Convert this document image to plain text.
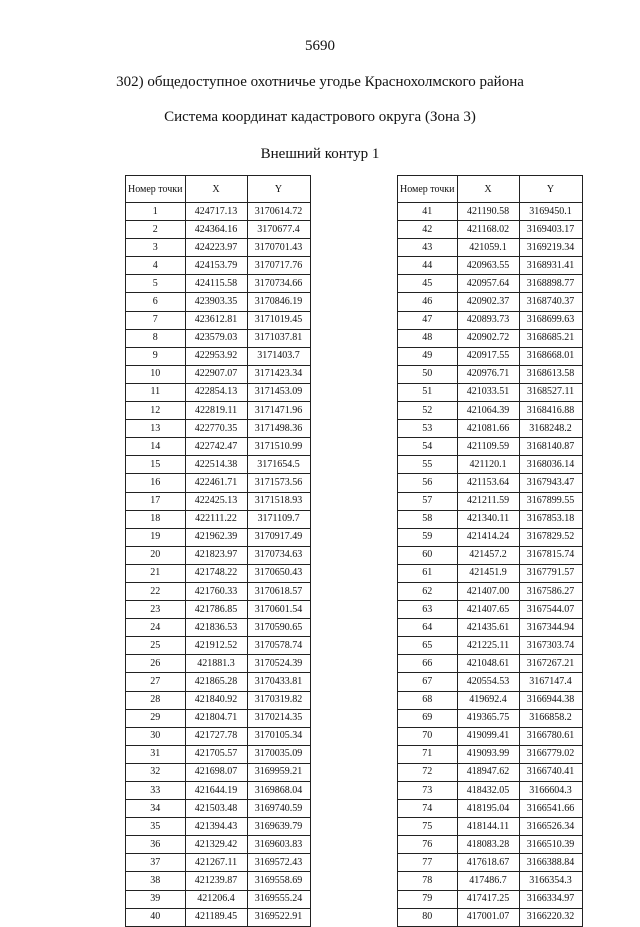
5690
302) общедоступное охотничье угодье Краснохолмского района
Система координат кадастрового округа (Зона 3)
Внешний контур 1
Номер точки	X	Y
1	424717.13	3170614.72
2	424364.16	3170677.4
3	424223.97	3170701.43
4	424153.79	3170717.76
5	424115.58	3170734.66
6	423903.35	3170846.19
7	423612.81	3171019.45
8	423579.03	3171037.81
9	422953.92	3171403.7
10	422907.07	3171423.34
11	422854.13	3171453.09
12	422819.11	3171471.96
13	422770.35	3171498.36
14	422742.47	3171510.99
15	422514.38	3171654.5
16	422461.71	3171573.56
17	422425.13	3171518.93
18	422111.22	3171109.7
19	421962.39	3170917.49
20	421823.97	3170734.63
21	421748.22	3170650.43
22	421760.33	3170618.57
23	421786.85	3170601.54
24	421836.53	3170590.65
25	421912.52	3170578.74
26	421881.3	3170524.39
27	421865.28	3170433.81
28	421840.92	3170319.82
29	421804.71	3170214.35
30	421727.78	3170105.34
31	421705.57	3170035.09
32	421698.07	3169959.21
33	421644.19	3169868.04
34	421503.48	3169740.59
35	421394.43	3169639.79
36	421329.42	3169603.83
37	421267.11	3169572.43
38	421239.87	3169558.69
39	421206.4	3169555.24
40	421189.45	3169522.91
Номер точки	X	Y
41	421190.58	3169450.1
42	421168.02	3169403.17
43	421059.1	3169219.34
44	420963.55	3168931.41
45	420957.64	3168898.77
46	420902.37	3168740.37
47	420893.73	3168699.63
48	420902.72	3168685.21
49	420917.55	3168668.01
50	420976.71	3168613.58
51	421033.51	3168527.11
52	421064.39	3168416.88
53	421081.66	3168248.2
54	421109.59	3168140.87
55	421120.1	3168036.14
56	421153.64	3167943.47
57	421211.59	3167899.55
58	421340.11	3167853.18
59	421414.24	3167829.52
60	421457.2	3167815.74
61	421451.9	3167791.57
62	421407.00	3167586.27
63	421407.65	3167544.07
64	421435.61	3167344.94
65	421225.11	3167303.74
66	421048.61	3167267.21
67	420554.53	3167147.4
68	419692.4	3166944.38
69	419365.75	3166858.2
70	419099.41	3166780.61
71	419093.99	3166779.02
72	418947.62	3166740.41
73	418432.05	3166604.3
74	418195.04	3166541.66
75	418144.11	3166526.34
76	418083.28	3166510.39
77	417618.67	3166388.84
78	417486.7	3166354.3
79	417417.25	3166334.97
80	417001.07	3166220.32
